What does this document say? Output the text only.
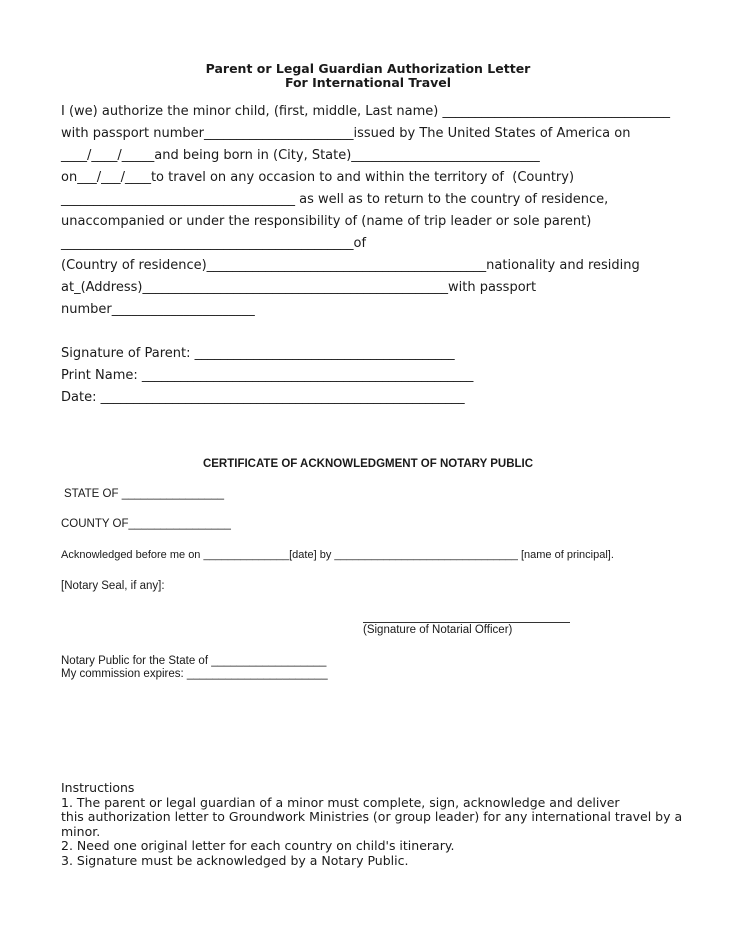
Parent or Legal Guardian Authorization Letter
For International Travel
I (we) authorize the minor child, (first, middle, Last name) ___________________________________
with passport number_______________________issued by The United States of America on
____/____/_____and being born in (City, State)_____________________________
on___/___/____to travel on any occasion to and within the territory of  (Country)
____________________________________ as well as to return to the country of residence,
unaccompanied or under the responsibility of (name of trip leader or sole parent)
_____________________________________________of
(Country of residence)___________________________________________nationality and residing
at_(Address)_______________________________________________with passport
number______________________
Signature of Parent: ________________________________________
Print Name: ___________________________________________________
Date: ________________________________________________________
CERTIFICATE OF ACKNOWLEDGMENT OF NOTARY PUBLIC
STATE OF ________________
COUNTY OF________________
Acknowledged before me on ______________[date] by ______________________________ [name of principal].
[Notary Seal, if any]:
(Signature of Notarial Officer)
Notary Public for the State of __________________
My commission expires: ______________________
Instructions
1. The parent or legal guardian of a minor must complete, sign, acknowledge and deliver
this authorization letter to Groundwork Ministries (or group leader) for any international travel by a
minor.
2. Need one original letter for each country on child's itinerary.
3. Signature must be acknowledged by a Notary Public.
